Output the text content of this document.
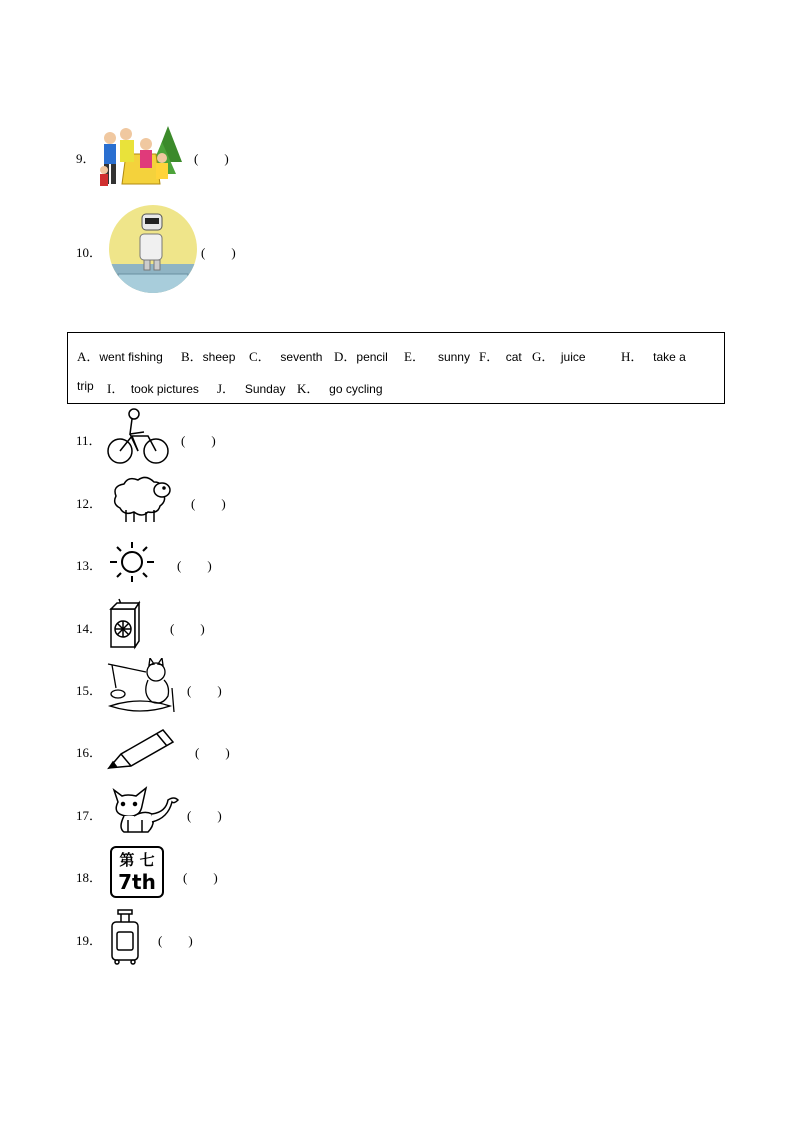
9．	(　　)
10．	(　　)
A．went fishing B．sheep C． seventh D．pencil E． sunny F． cat G． juice	H． take a
trip I． took pictures J． Sunday K． go cycling
11．	(　　)
12．	(　　)
13．	(　　)
14．	(　　)
15．	(　　)
16．	(　　)
17．	(　　)
18．
第 七
7th	(　　)
19．	(　　)
